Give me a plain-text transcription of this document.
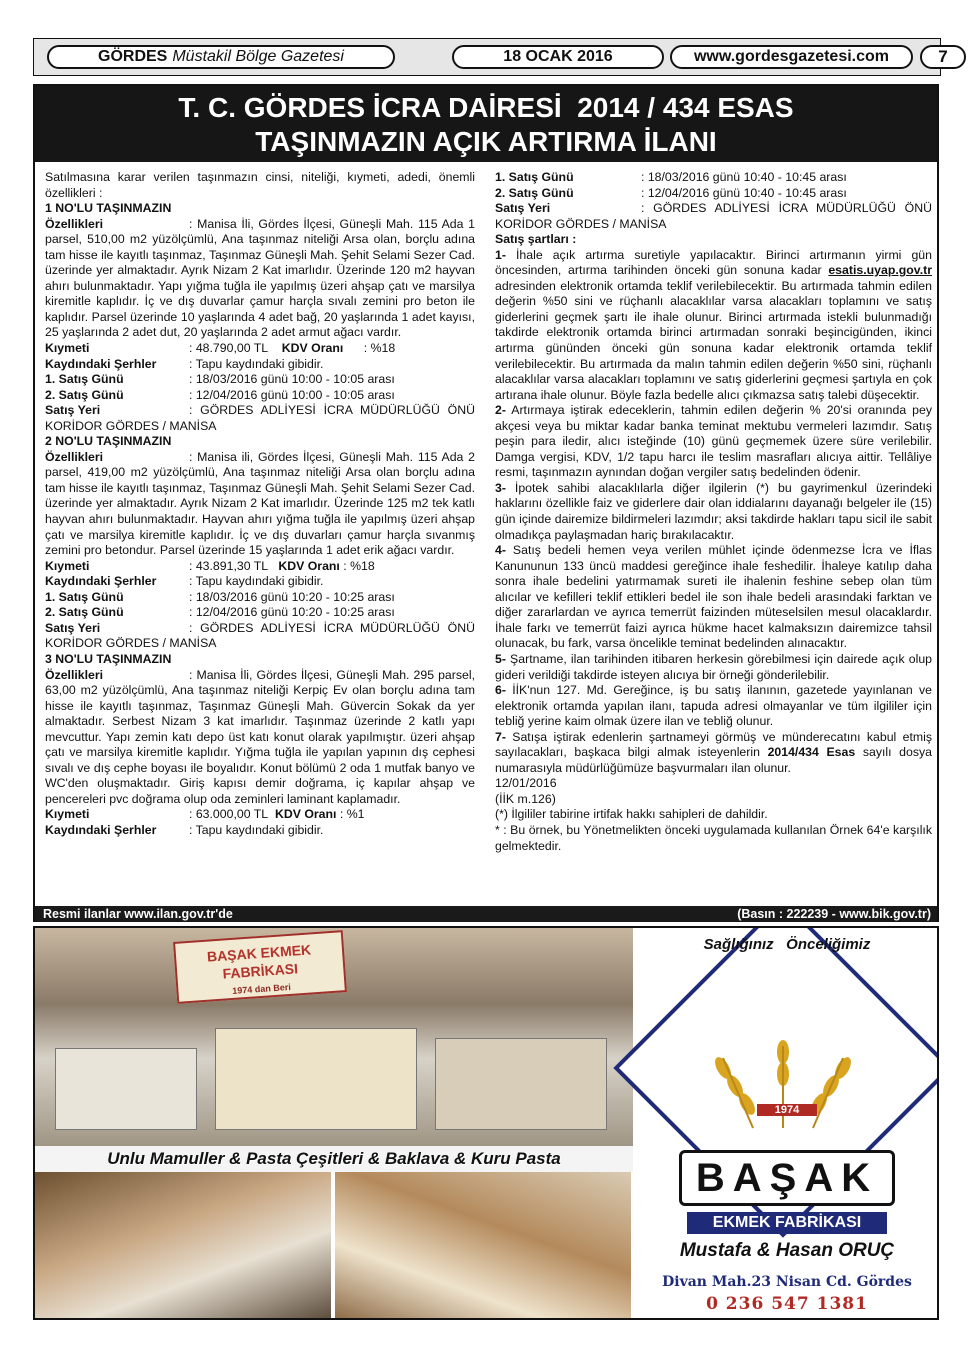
GÖRDES Müstakil Bölge Gazetesi	18 OCAK 2016	www.gordesgazetesi.com	7
T. C. GÖRDES İCRA DAİRESİ  2014 / 434 ESAS
TAŞINMAZIN AÇIK ARTIRMA İLANI

Satılmasına karar verilen taşınmazın cinsi, niteliği, kıymeti, adedi, önemli özellikleri :

1 NO'LU TAŞINMAZIN

Özellikleri	: Manisa İli, Gördes İlçesi, Güneşli Mah. 115 Ada 1 parsel, 510,00 m2 yüzölçümlü, Ana taşınmaz niteliği Arsa olan, borçlu adına tam hisse ile kayıtlı taşınmaz, Taşınmaz Güneşli Mah. Şehit Selami Sezer Cad. üzerinde yer almaktadır. Ayrık Nizam 2 Kat imarlıdır. Üzerinde 120 m2 hayvan ahırı bulunmaktadır. Yapı yığma tuğla ile yapılmış üzeri ahşap çatı ve marsilya kiremitle kaplıdır. İç ve dış duvarlar çamur harçla sıvalı zemini pro beton ile kaplıdır. Parsel üzerinde 10 yaşlarında 4 adet bağ, 20 yaşlarında 1 adet kayısı, 25 yaşlarında 2 adet dut, 20 yaşlarında 2 adet armut ağacı vardır.

Kıymeti	: 48.790,00 TL KDV Oranı : %18
Kaydındaki Şerhler	: Tapu kaydındaki gibidir.
1. Satış Günü	: 18/03/2016 günü 10:00 - 10:05 arası
2. Satış Günü	: 12/04/2016 günü 10:00 - 10:05 arası

Satış Yeri	: GÖRDES ADLİYESİ İCRA MÜDÜRLÜĞÜ ÖNÜ KORİDOR GÖRDES / MANİSA

2 NO'LU TAŞINMAZIN

Özellikleri	: Manisa ili, Gördes İlçesi, Güneşli Mah. 115 Ada 2 parsel, 419,00 m2 yüzölçümlü, Ana taşınmaz niteliği Arsa olan borçlu adına tam hisse ile kayıtlı taşınmaz, Taşınmaz Güneşli Mah. Şehit Selami Sezer Cad. üzerinde yer almaktadır. Ayrık Nizam 2 Kat imarlıdır. Üzerinde 125 m2 tek katlı hayvan ahırı bulunmaktadır. Hayvan ahırı yığma tuğla ile yapılmış üzeri ahşap çatı ve marsilya kiremitle kaplıdır. İç ve dış duvarları çamur harçla sıvanmış zemini pro betondur. Parsel üzerinde 15 yaşlarında 1 adet erik ağacı vardır.

Kıymeti	: 43.891,30 TL KDV Oranı : %18
Kaydındaki Şerhler	: Tapu kaydındaki gibidir.
1. Satış Günü	: 18/03/2016 günü 10:20 - 10:25 arası
2. Satış Günü	: 12/04/2016 günü 10:20 - 10:25 arası

Satış Yeri	: GÖRDES ADLİYESİ İCRA MÜDÜRLÜĞÜ ÖNÜ KORİDOR GÖRDES / MANİSA

3 NO'LU TAŞINMAZIN

Özellikleri	: Manisa İli, Gördes İlçesi, Güneşli Mah. 295 parsel, 63,00 m2 yüzölçümlü, Ana taşınmaz niteliği Kerpiç Ev olan borçlu adına tam hisse ile kayıtlı taşınmaz, Taşınmaz Güneşli Mah. Güvercin Sokak da yer almaktadır. Serbest Nizam 3 kat imarlıdır. Taşınmaz üzerinde 2 katlı yapı mevcuttur. Yapı zemin katı depo üst katı konut olarak yapılmıştır. üzeri ahşap çatı ve marsilya kiremitle kaplıdır. Yığma tuğla ile yapılan yapının dış cephesi sıvalı ve dış cephe boyası ile boyalıdır. Konut bölümü 2 oda 1 mutfak banyo ve WC'den oluşmaktadır. Giriş kapısı demir doğrama, iç kapılar ahşap ve pencereleri pvc doğrama olup oda zeminleri laminant kaplamadır.

Kıymeti	: 63.000,00 TL KDV Oranı : %1
Kaydındaki Şerhler	: Tapu kaydındaki gibidir.
1. Satış Günü	: 18/03/2016 günü 10:40 - 10:45 arası
2. Satış Günü	: 12/04/2016 günü 10:40 - 10:45 arası

Satış Yeri	: GÖRDES ADLİYESİ İCRA MÜDÜRLÜĞÜ ÖNÜ KORİDOR GÖRDES / MANİSA

Satış şartları :

1- İhale açık artırma suretiyle yapılacaktır. Birinci artırmanın yirmi gün öncesinden, artırma tarihinden önceki gün sonuna kadar esatis.uyap.gov.tr adresinden elektronik ortamda teklif verilebilecektir. Bu artırmada tahmin edilen değerin %50 sini ve rüçhanlı alacaklılar varsa alacakları toplamını ve satış giderlerini geçmek şartı ile ihale olunur. Birinci artırmada istekli bulunmadığı takdirde elektronik ortamda birinci artırmadan sonraki beşincigünden, ikinci artırma gününden önceki gün sonuna kadar elektronik ortamda teklif verilebilecektir. Bu artırmada da malın tahmin edilen değerin %50 sini, rüçhanlı alacaklılar varsa alacakları toplamını ve satış giderlerini geçmesi şartıyla en çok artırana ihale olunur. Böyle fazla bedelle alıcı çıkmazsa satış talebi düşecektir.

2- Artırmaya iştirak edeceklerin, tahmin edilen değerin % 20'si oranında pey akçesi veya bu miktar kadar banka teminat mektubu vermeleri lazımdır. Satış peşin para iledir, alıcı isteğinde (10) günü geçmemek üzere süre verilebilir. Damga vergisi, KDV, 1/2 tapu harcı ile teslim masrafları alıcıya aittir. Tellâliye resmi, taşınmazın aynından doğan vergiler satış bedelinden ödenir.

3- İpotek sahibi alacaklılarla diğer ilgilerin (*) bu gayrimenkul üzerindeki haklarını özellikle faiz ve giderlere dair olan iddialarını dayanağı belgeler ile (15) gün içinde dairemize bildirmeleri lazımdır; aksi takdirde hakları tapu sicil ile sabit olmadıkça paylaşmadan hariç bırakılacaktır.

4- Satış bedeli hemen veya verilen mühlet içinde ödenmezse İcra ve İflas Kanununun 133 üncü maddesi gereğince ihale feshedilir. İhaleye katılıp daha sonra ihale bedelini yatırmamak sureti ile ihalenin feshine sebep olan tüm alıcılar ve kefilleri teklif ettikleri bedel ile son ihale bedeli arasındaki farktan ve diğer zararlardan ve ayrıca temerrüt faizinden müteselsilen mesul olacaklardır. İhale farkı ve temerrüt faizi ayrıca hükme hacet kalmaksızın dairemizce tahsil olunacak, bu fark, varsa öncelikle teminat bedelinden alınacaktır.

5- Şartname, ilan tarihinden itibaren herkesin görebilmesi için dairede açık olup gideri verildiği takdirde isteyen alıcıya bir örneği gönderilebilir.

6- İİK'nun 127. Md. Gereğince, iş bu satış ilanının, gazetede yayınlanan ve elektronik ortamda yapılan ilanı, tapuda adresi olmayanlar ve tüm ilgililer için tebliğ yerine kaim olmak üzere ilan ve tebliğ olunur.

7- Satışa iştirak edenlerin şartnameyi görmüş ve münderecatını kabul etmiş sayılacakları, başkaca bilgi almak isteyenlerin 2014/434 Esas sayılı dosya numarasıyla müdürlüğümüze başvurmaları ilan olunur.

12/01/2016

(İİK m.126)

(*) İlgililer tabirine irtifak hakkı sahipleri de dahildir.

* : Bu örnek, bu Yönetmelikten önceki uygulamada kullanılan Örnek 64'e karşılık gelmektedir.

Resmi ilanlar www.ilan.gov.tr'de	(Basın : 222239 - www.bik.gov.tr)
BAŞAK EKMEK
FABRİKASI
1974 dan Beri
Unlu Mamuller & Pasta Çeşitleri & Baklava & Kuru Pasta
Sağlığınız   Önceliğimiz
1974
BAŞAK
EKMEK FABRİKASI
Mustafa & Hasan ORUÇ
Divan Mah.23 Nisan Cd. Gördes
0 236 547 1381
